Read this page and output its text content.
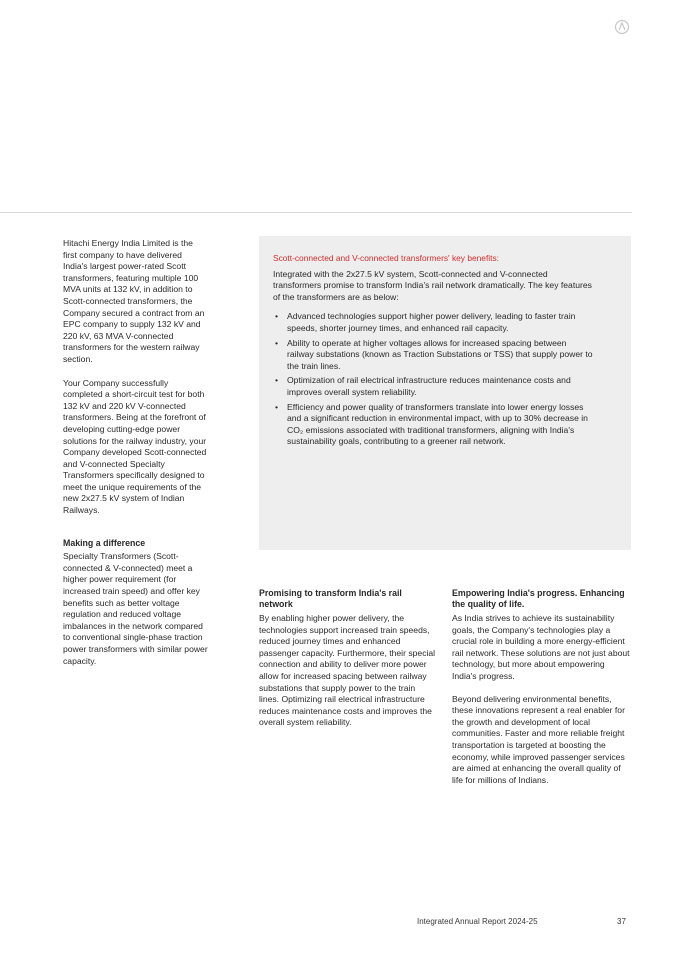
Hitachi Energy India Limited is the first company to have delivered India's largest power-rated Scott transformers, featuring multiple 100 MVA units at 132 kV, in addition to Scott-connected transformers, the Company secured a contract from an EPC company to supply 132 kV and 220 kV, 63 MVA V-connected transformers for the western railway section.

Your Company successfully completed a short-circuit test for both 132 kV and 220 kV V-connected transformers. Being at the forefront of developing cutting-edge power solutions for the railway industry, your Company developed Scott-connected and V-connected Specialty Transformers specifically designed to meet the unique requirements of the new 2x27.5 kV system of Indian Railways.

Making a difference

Specialty Transformers (Scott-connected & V-connected) meet a higher power requirement (for increased train speed) and offer key benefits such as better voltage regulation and reduced voltage imbalances in the network compared to conventional single-phase traction power transformers with similar power capacity.

Scott-connected and V-connected transformers' key benefits:

Integrated with the 2x27.5 kV system, Scott-connected and V-connected transformers promise to transform India's rail network dramatically. The key features of the transformers are as below:

• Advanced technologies support higher power delivery, leading to faster train speeds, shorter journey times, and enhanced rail capacity.
• Ability to operate at higher voltages allows for increased spacing between railway substations (known as Traction Substations or TSS) that supply power to the train lines.
• Optimization of rail electrical infrastructure reduces maintenance costs and improves overall system reliability.
• Efficiency and power quality of transformers translate into lower energy losses and a significant reduction in environmental impact, with up to 30% decrease in CO₂ emissions associated with traditional transformers, aligning with India's sustainability goals, contributing to a greener rail network.
Promising to transform India's rail network

By enabling higher power delivery, the technologies support increased train speeds, reduced journey times and enhanced passenger capacity. Furthermore, their special connection and ability to deliver more power allow for increased spacing between railway substations that supply power to the train lines. Optimizing rail electrical infrastructure reduces maintenance costs and improves the overall system reliability.

Empowering India's progress. Enhancing the quality of life.

As India strives to achieve its sustainability goals, the Company's technologies play a crucial role in building a more energy-efficient rail network. These solutions are not just about technology, but more about empowering India's progress.

Beyond delivering environmental benefits, these innovations represent a real enabler for the growth and development of local communities. Faster and more reliable freight transportation is targeted at boosting the economy, while improved passenger services are aimed at enhancing the overall quality of life for millions of Indians.

Integrated Annual Report 2024-25	37
